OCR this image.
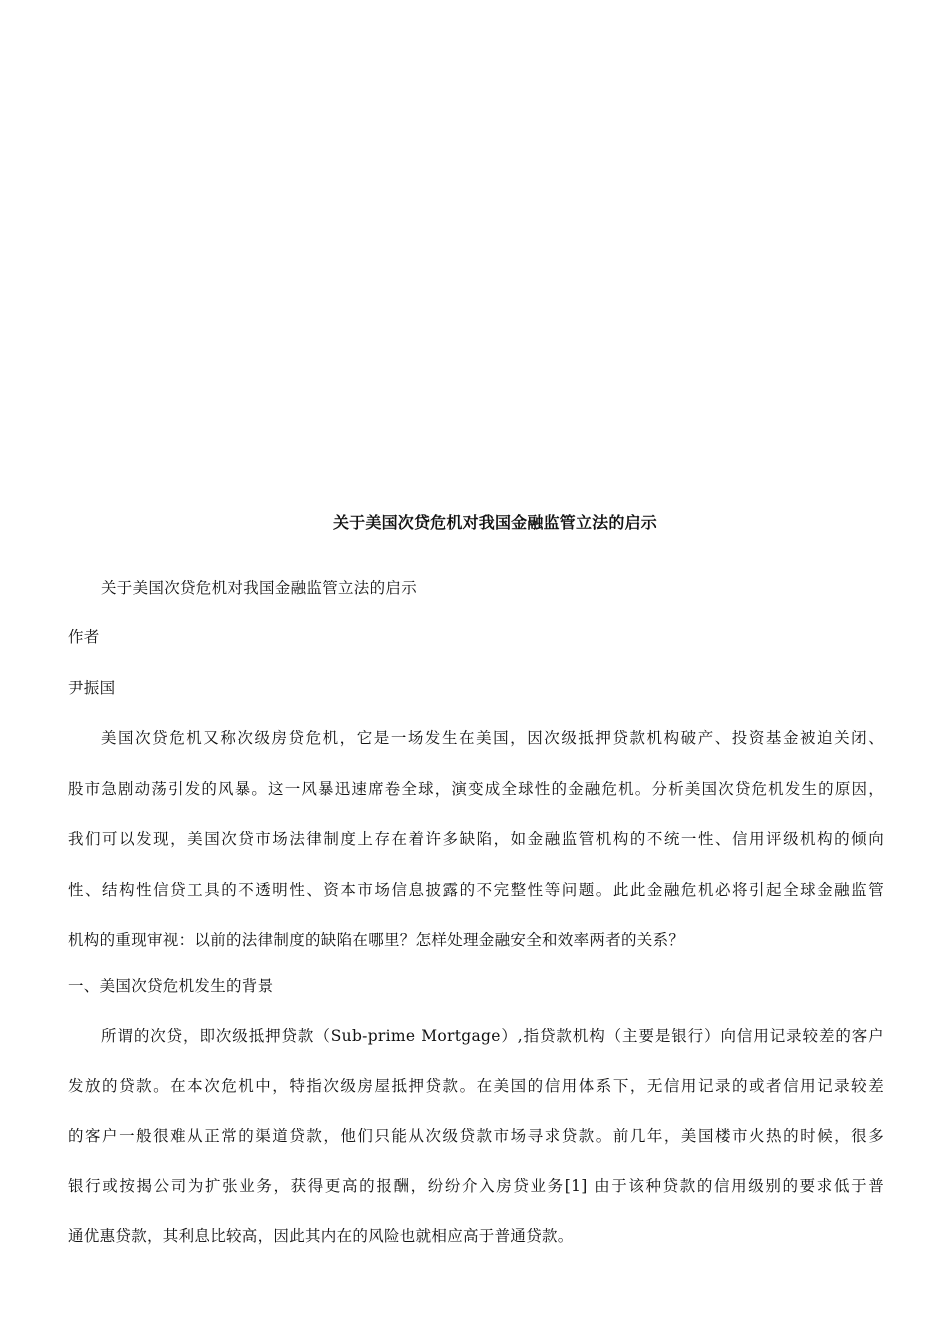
关于美国次贷危机对我国金融监管立法的启示
关于美国次贷危机对我国金融监管立法的启示
作者
尹振国
美国次贷危机又称次级房贷危机，它是一场发生在美国，因次级抵押贷款机构破产、投资基金被迫关闭、
股市急剧动荡引发的风暴。这一风暴迅速席卷全球，演变成全球性的金融危机。分析美国次贷危机发生的原因，
我们可以发现，美国次贷市场法律制度上存在着许多缺陷，如金融监管机构的不统一性、信用评级机构的倾向
性、结构性信贷工具的不透明性、资本市场信息披露的不完整性等问题。此此金融危机必将引起全球金融监管
机构的重现审视：以前的法律制度的缺陷在哪里？怎样处理金融安全和效率两者的关系？
一、美国次贷危机发生的背景
所谓的次贷，即次级抵押贷款（Sub-prime Mortgage）,指贷款机构（主要是银行）向信用记录较差的客户
发放的贷款。在本次危机中，特指次级房屋抵押贷款。在美国的信用体系下，无信用记录的或者信用记录较差
的客户一般很难从正常的渠道贷款，他们只能从次级贷款市场寻求贷款。前几年，美国楼市火热的时候，很多
银行或按揭公司为扩张业务，获得更高的报酬，纷纷介入房贷业务[1] 由于该种贷款的信用级别的要求低于普
通优惠贷款，其利息比较高，因此其内在的风险也就相应高于普通贷款。
